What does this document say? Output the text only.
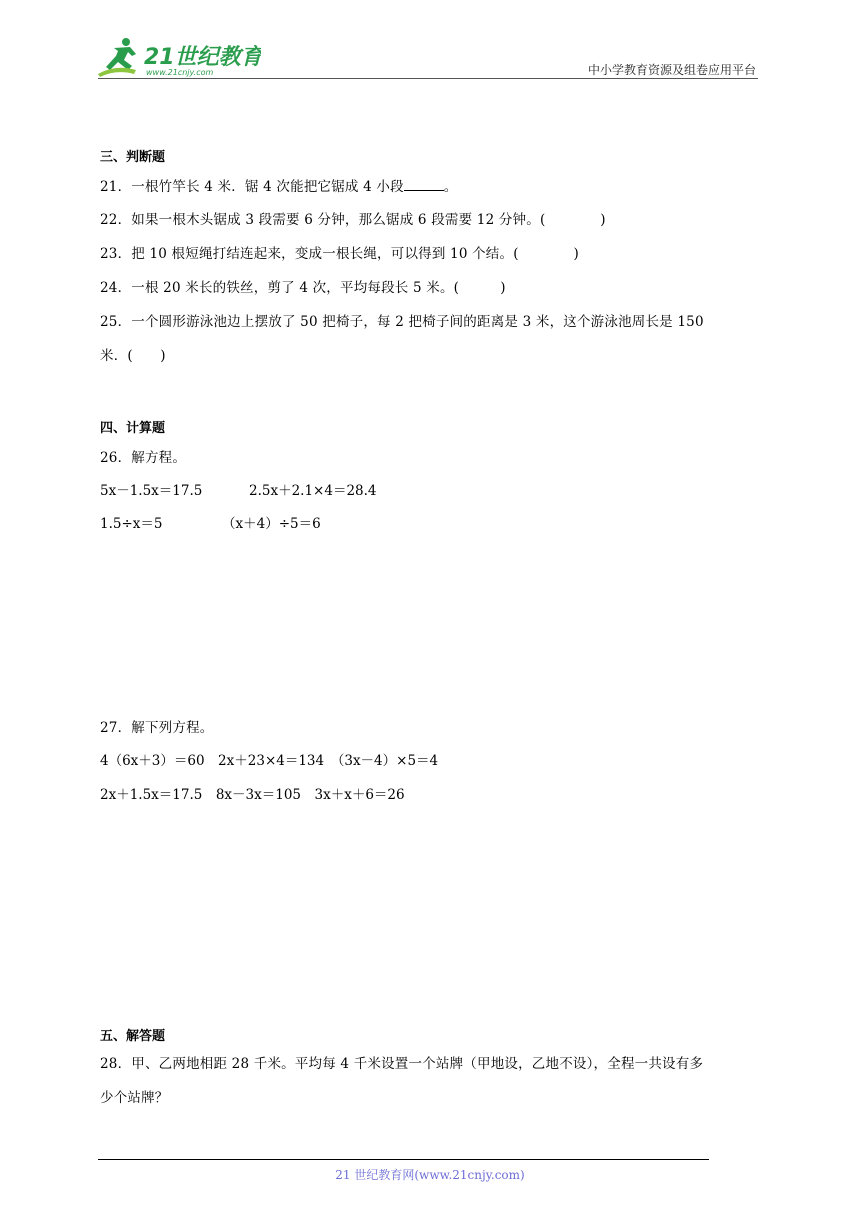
21世纪教育
www.21cnjy.com	中小学教育资源及组卷应用平台
三、判断题
21．一根竹竿长 4 米．锯 4 次能把它锯成 4 小段	。
22．如果一根木头锯成 3 段需要 6 分钟，那么锯成 6 段需要 12 分钟。(　　　　)
23．把 10 根短绳打结连起来，变成一根长绳，可以得到 10 个结。(　　　　)
24．一根 20 米长的铁丝，剪了 4 次，平均每段长 5 米。(　　　)
25．一个圆形游泳池边上摆放了 50 把椅子，每 2 把椅子间的距离是 3 米，这个游泳池周长是 150
米．(　　)
四、计算题
26．解方程。
5x－1.5x＝17.5	2.5x＋2.1×4＝28.4
1.5÷x＝5	（x＋4）÷5＝6
27．解下列方程。
4（6x＋3）＝60　2x＋23×4＝134　（3x－4）×5＝4
2x＋1.5x＝17.5　8x－3x＝105　3x＋x＋6＝26
五、解答题
28．甲、乙两地相距 28 千米。平均每 4 千米设置一个站牌（甲地设，乙地不设），全程一共设有多
少个站牌？
21 世纪教育网(www.21cnjy.com)
